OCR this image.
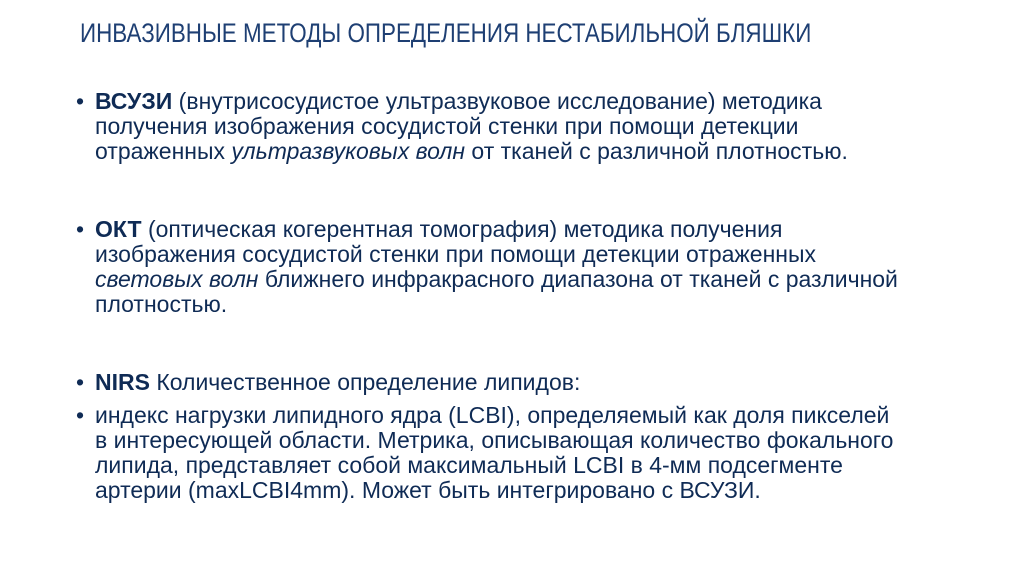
ИНВАЗИВНЫЕ МЕТОДЫ ОПРЕДЕЛЕНИЯ НЕСТАБИЛЬНОЙ БЛЯШКИ
• ВСУЗИ (внутрисосудистое ультразвуковое исследование) методика получения изображения сосудистой стенки при помощи детекции отраженных ультразвуковых волн от тканей с различной плотностью.
• ОКТ (оптическая когерентная томография) методика получения изображения сосудистой стенки при помощи детекции отраженных световых волн ближнего инфракрасного диапазона от тканей с различной плотностью.
• NIRS Количественное определение липидов:
• индекс нагрузки липидного ядра (LCBI), определяемый как доля пикселей в интересующей области. Метрика, описывающая количество фокального липида, представляет собой максимальный LCBI в 4-мм подсегменте артерии (maxLCBI4mm). Может быть интегрировано с ВСУЗИ.
